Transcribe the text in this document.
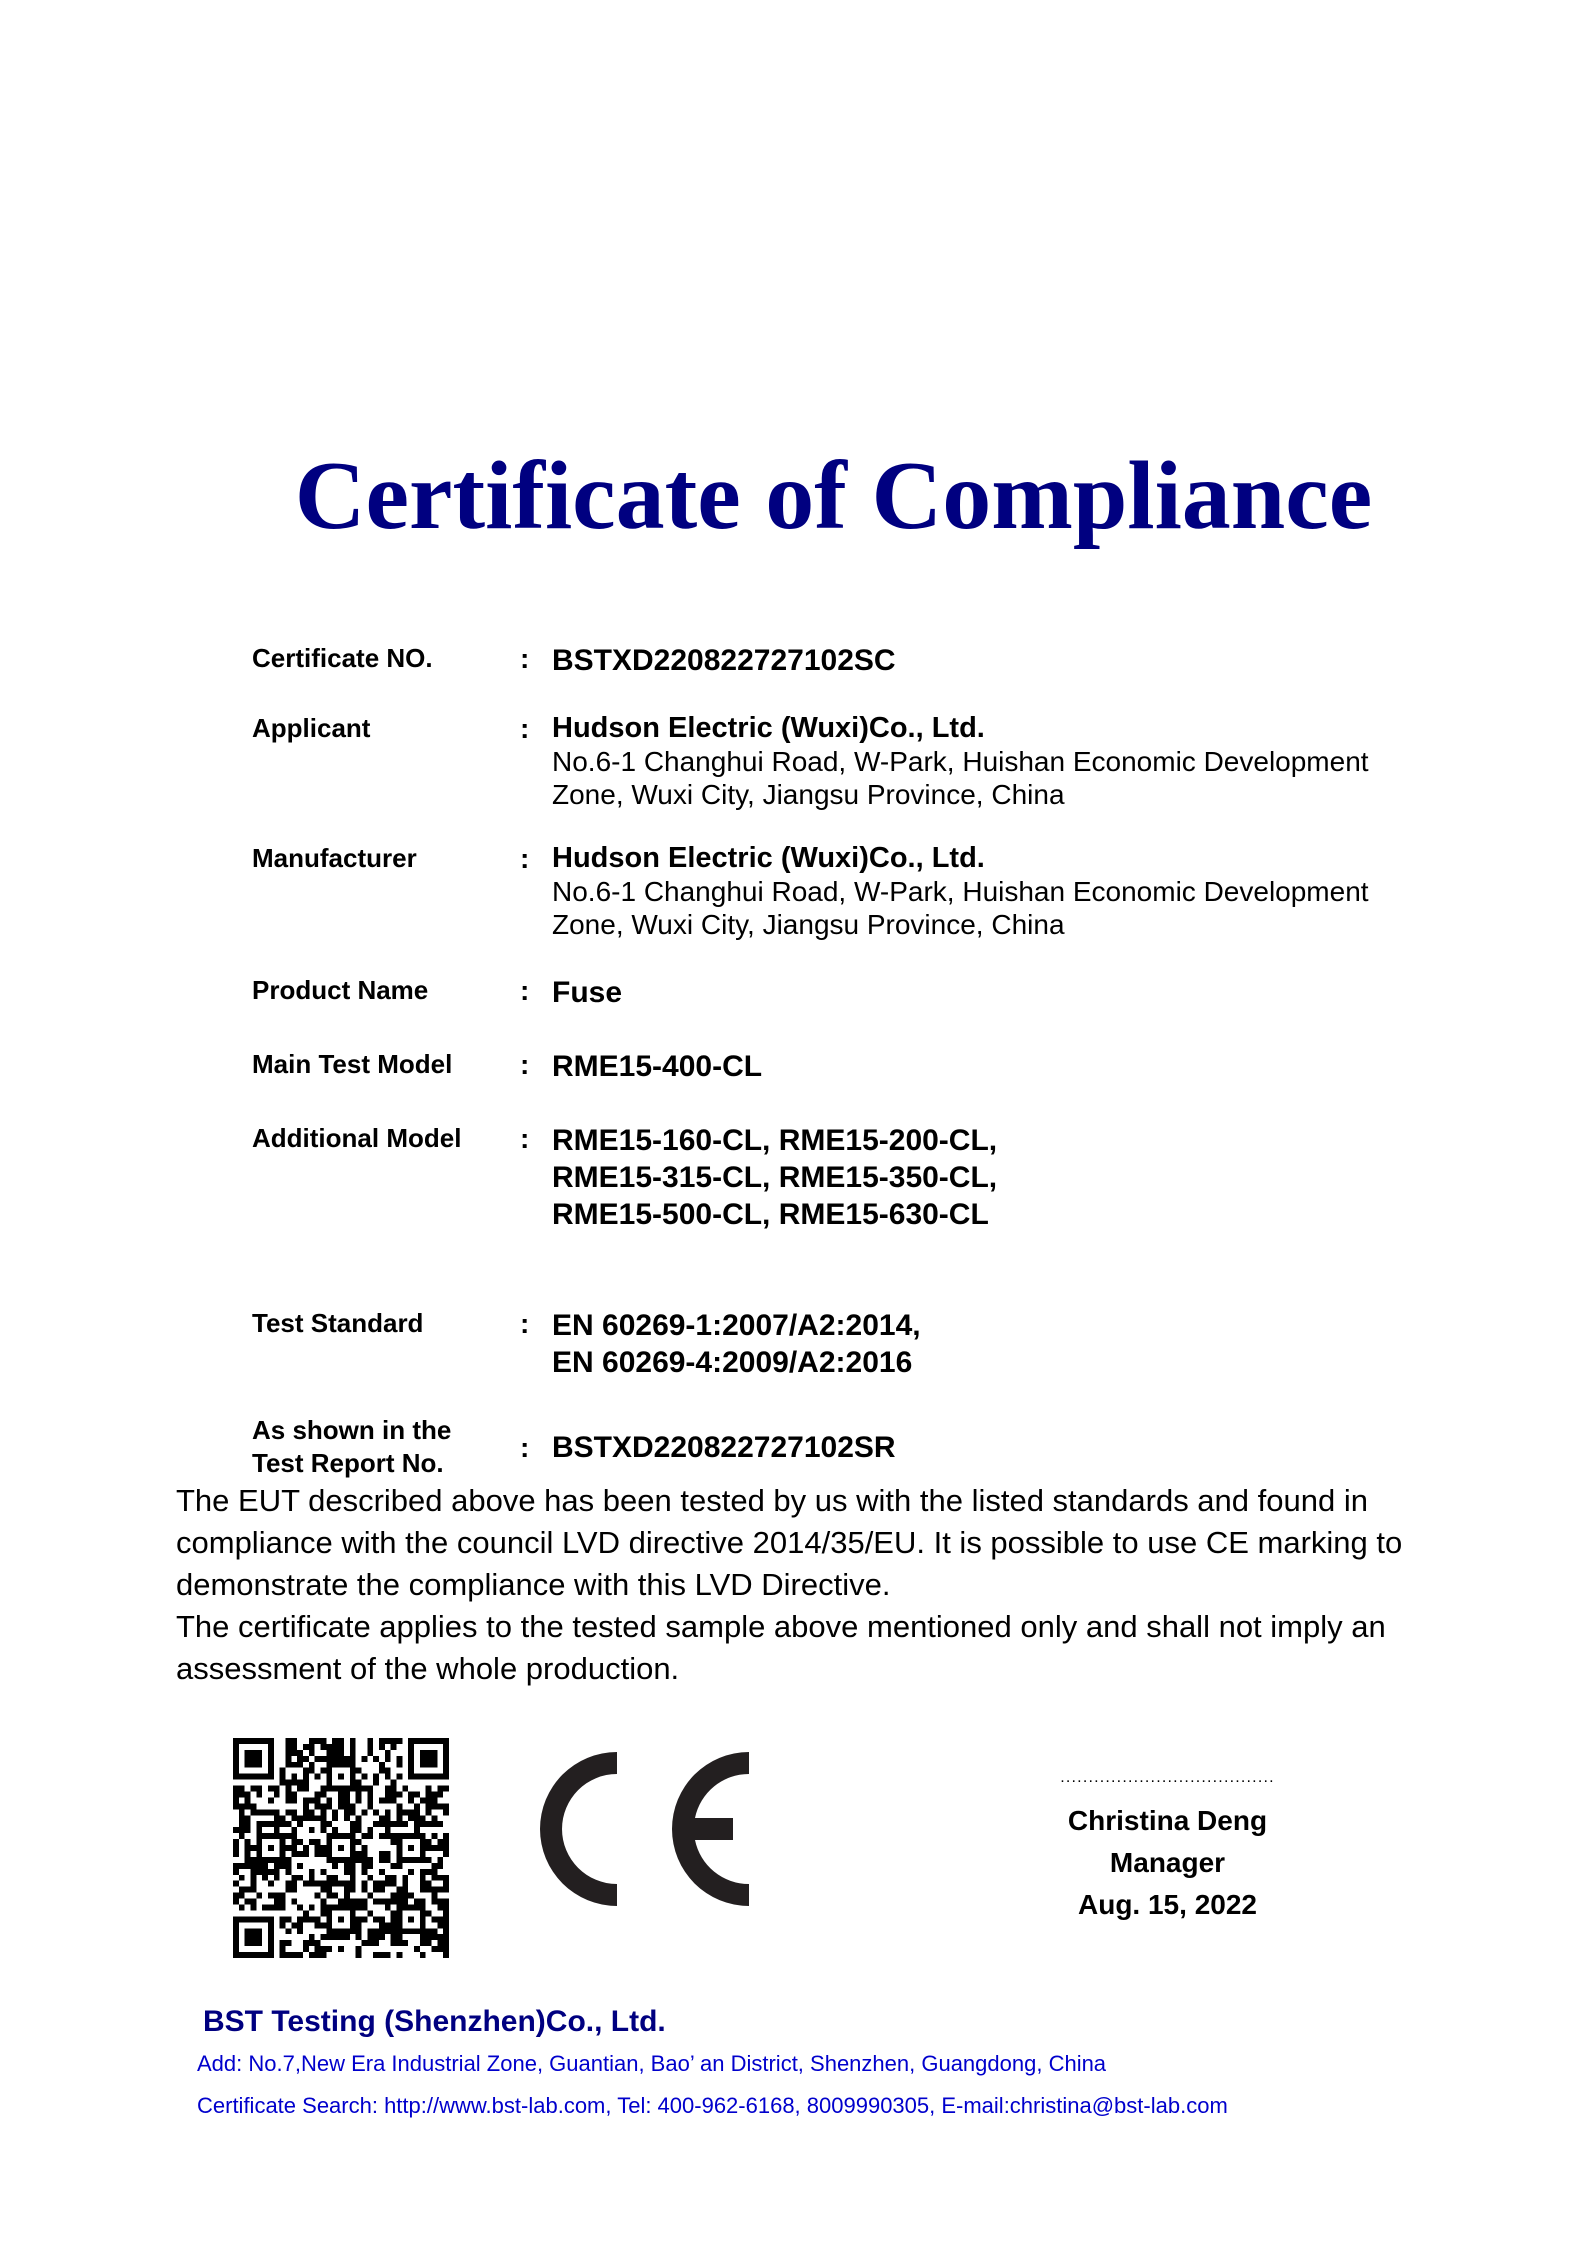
Certificate of Compliance
Certificate NO.	: BSTXD220822727102SC
Applicant	: Hudson Electric (Wuxi)Co., Ltd.
No.6-1 Changhui Road, W-Park, Huishan Economic Development
Zone, Wuxi City, Jiangsu Province, China
Manufacturer	: Hudson Electric (Wuxi)Co., Ltd.
No.6-1 Changhui Road, W-Park, Huishan Economic Development
Zone, Wuxi City, Jiangsu Province, China
Product Name	: Fuse
Main Test Model	: RME15-400-CL
Additional Model	: RME15-160-CL, RME15-200-CL,
RME15-315-CL, RME15-350-CL,
RME15-500-CL, RME15-630-CL
Test Standard	: EN 60269-1:2007/A2:2014,
EN 60269-4:2009/A2:2016
As shown in the
Test Report No.	: BSTXD220822727102SR

The EUT described above has been tested by us with the listed standards and found in compliance with the council LVD directive 2014/35/EU. It is possible to use CE marking to demonstrate the compliance with this LVD Directive.

The certificate applies to the tested sample above mentioned only and shall not imply an assessment of the whole production.

......................................
Christina Deng
Manager
Aug. 15, 2022
BST Testing (Shenzhen)Co., Ltd.
Add: No.7,New Era Industrial Zone, Guantian, Bao’ an District, Shenzhen, Guangdong, China
Certificate Search: http://www.bst-lab.com, Tel: 400-962-6168, 8009990305, E-mail:christina@bst-lab.com
